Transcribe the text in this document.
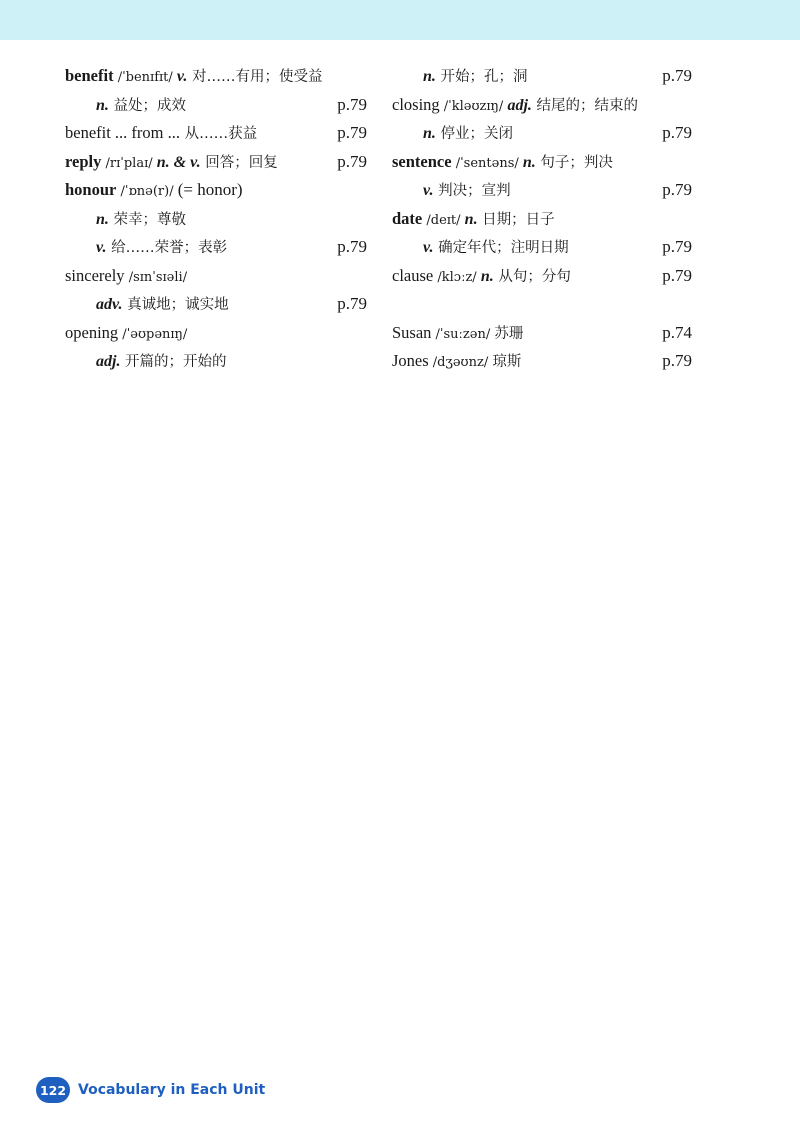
benefit /ˈbenɪfɪt/ v. 对……有用；使受益
n. 益处；成效	p.79
benefit ... from ... 从……获益	p.79
reply /rɪˈplaɪ/ n. & v. 回答；回复	p.79
honour /ˈɒnə(r)/ (= honor)
n. 荣幸；尊敬
v. 给……荣誉；表彰	p.79
sincerely /sɪnˈsɪəli/
adv. 真诚地；诚实地	p.79
opening /ˈəʊpənɪŋ/
adj. 开篇的；开始的
n. 开始；孔；洞	p.79
closing /ˈkləʊzɪŋ/ adj. 结尾的；结束的
n. 停业；关闭	p.79
sentence /ˈsentəns/ n. 句子；判决
v. 判决；宣判	p.79
date /deɪt/ n. 日期；日子
v. 确定年代；注明日期	p.79
clause /klɔːz/ n. 从句；分句	p.79
Susan /ˈsuːzən/ 苏珊	p.74
Jones /dʒəʊnz/ 琼斯	p.79
122 Vocabulary in Each Unit
